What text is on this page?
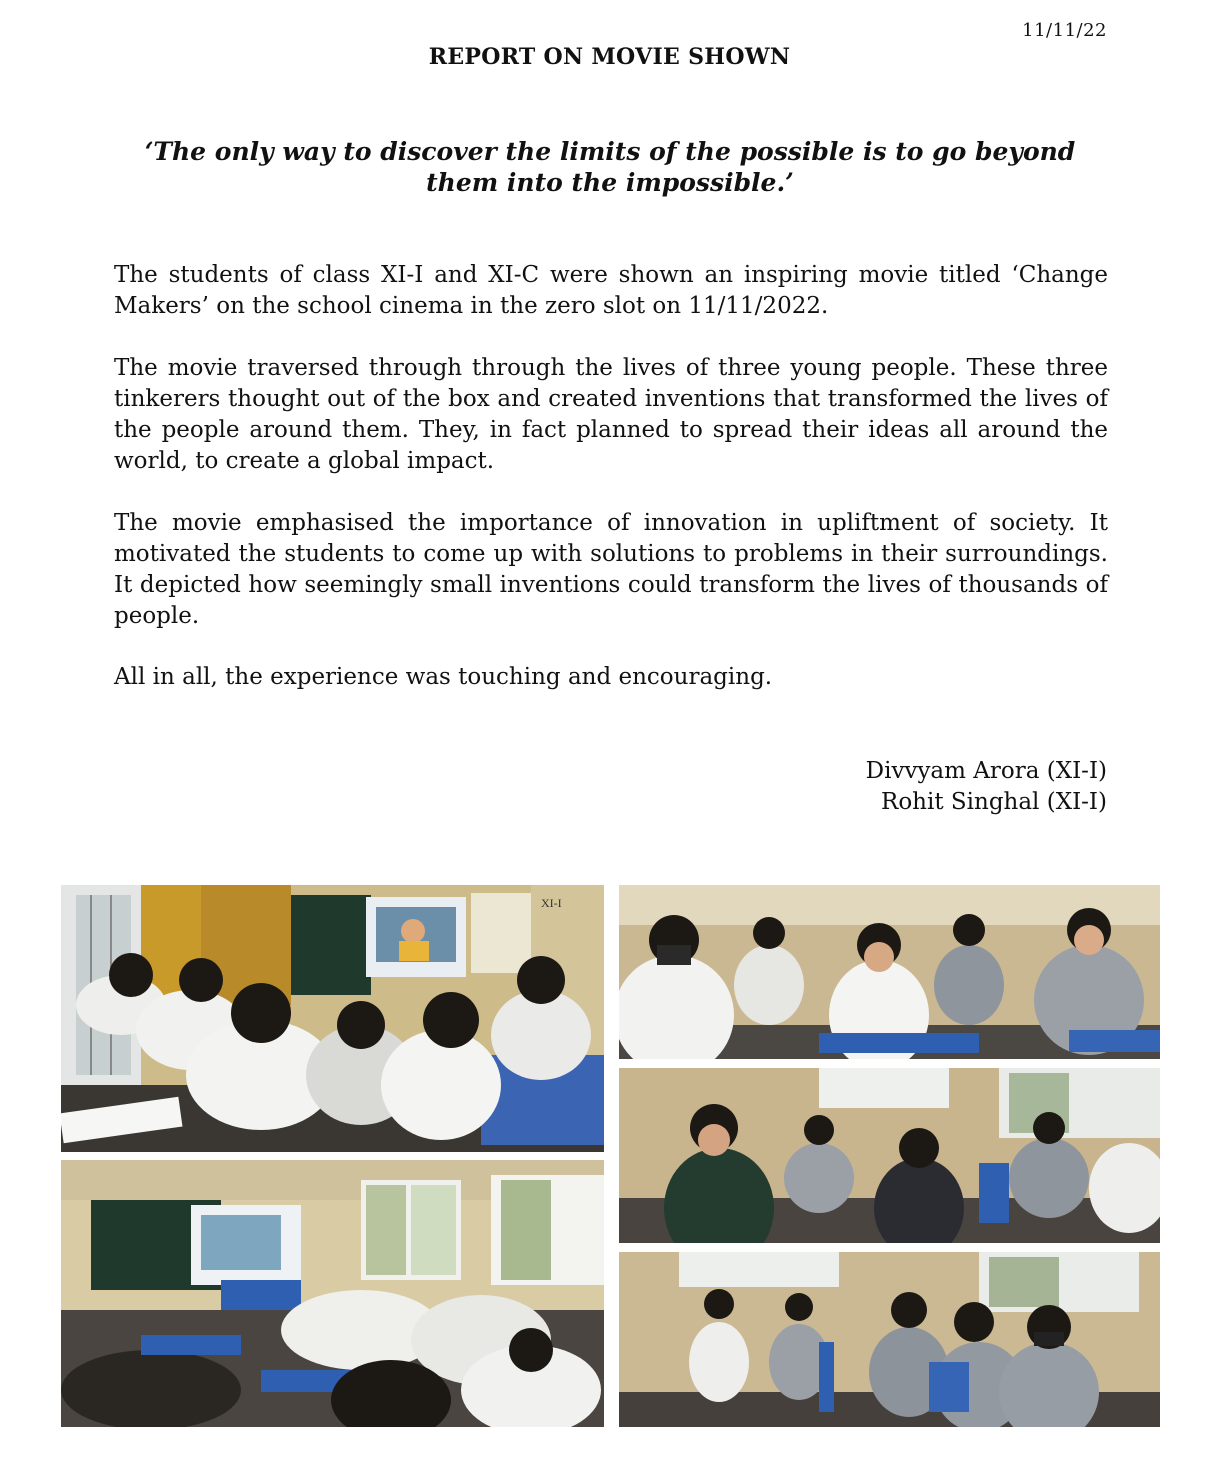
11/11/22
REPORT ON MOVIE SHOWN
‘The only way to discover the limits of the possible is to go beyond
them into the impossible.’

The students of class XI-I and XI-C were shown an inspiring movie titled ‘Change Makers’ on the school cinema in the zero slot on 11/11/2022.

The movie traversed through through the lives of three young people. These three tinkerers thought out of the box and created inventions that transformed the lives of the people around them. They, in fact planned to spread their ideas all around the world, to create a global impact.

The movie emphasised the importance of innovation in upliftment of society. It motivated the students to come up with solutions to problems in their surroundings. It depicted how seemingly small inventions could transform the lives of thousands of people.

All in all, the experience was touching and encouraging.

Divvyam Arora (XI-I)
Rohit Singhal (XI-I)
XI-I
